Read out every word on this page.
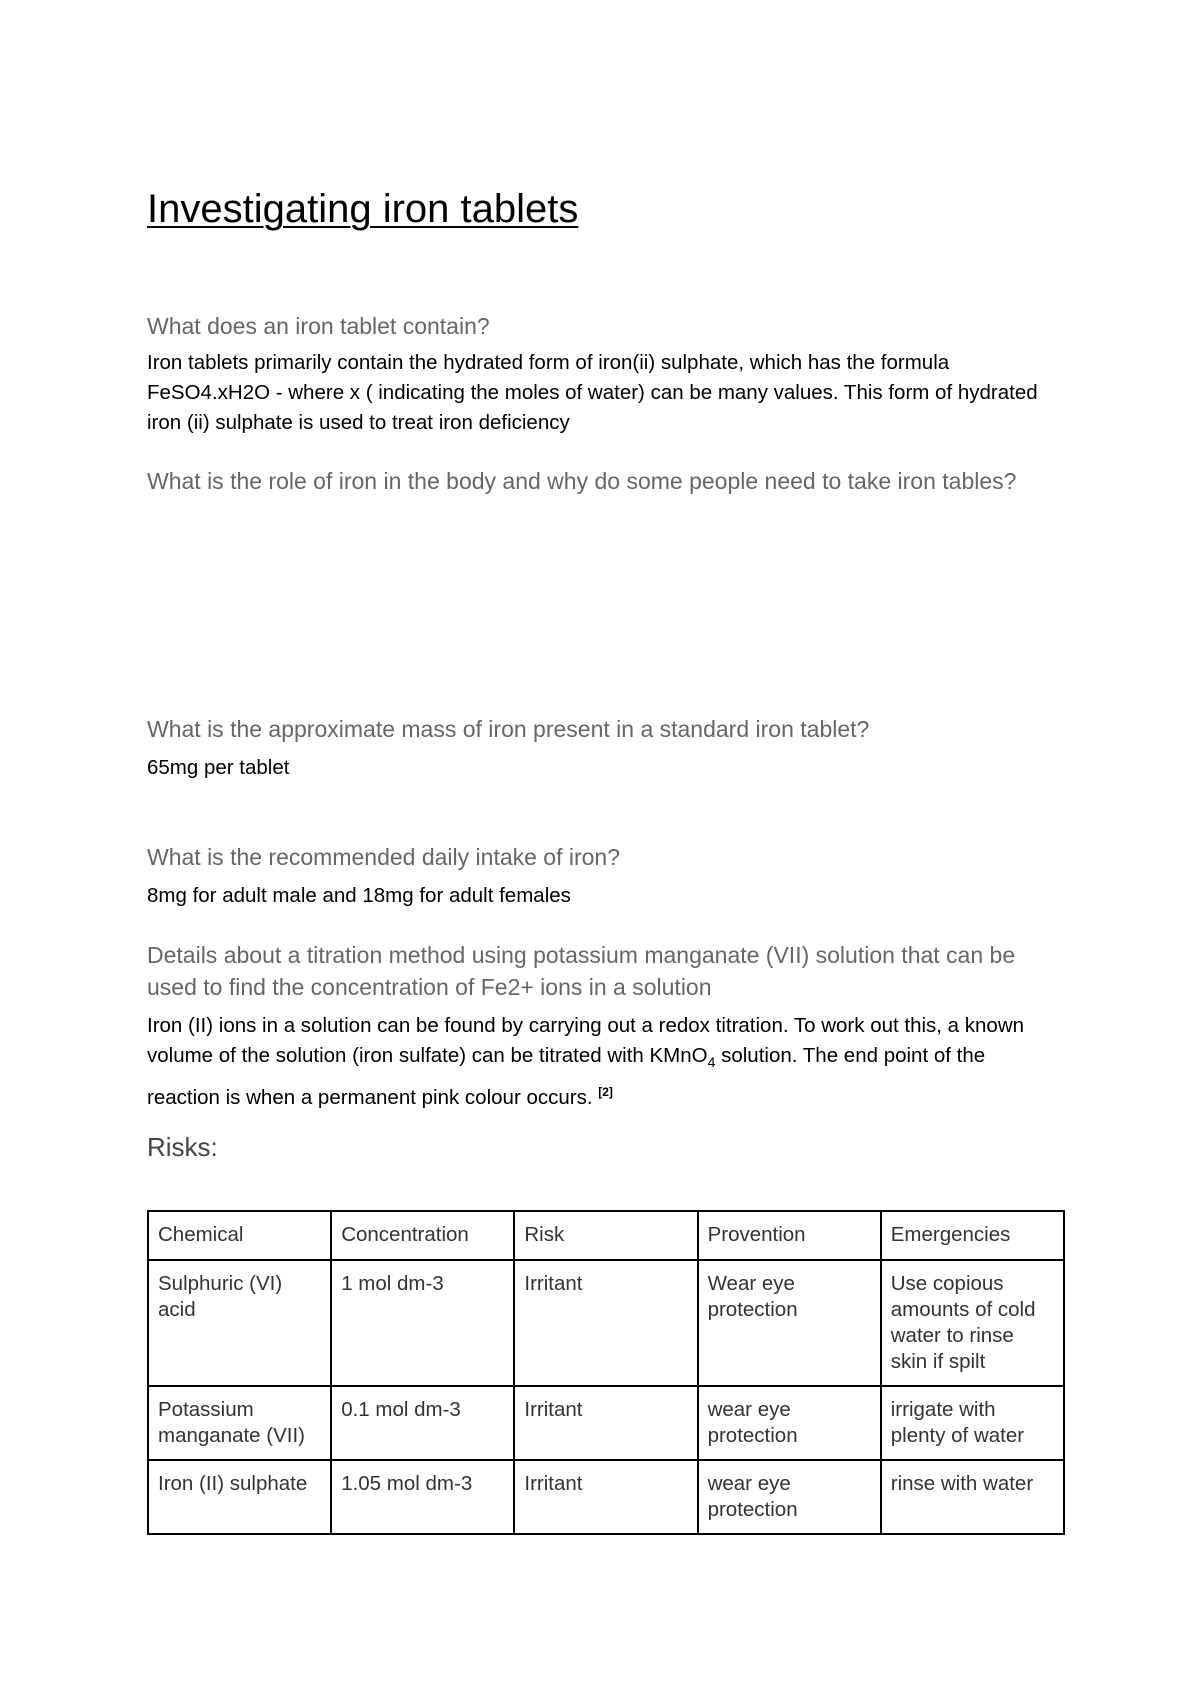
Investigating iron tablets
What does an iron tablet contain?

Iron tablets primarily contain the hydrated form of iron(ii) sulphate, which has the formula FeSO4.xH2O - where x ( indicating the moles of water) can be many values. This form of hydrated iron (ii) sulphate is used to treat iron deficiency

What is the role of iron in the body and why do some people need to take iron tables?
What is the approximate mass of iron present in a standard iron tablet?

65mg per tablet

What is the recommended daily intake of iron?

8mg for adult male and 18mg for adult females

Details about a titration method using potassium manganate (VII) solution that can be used to find the concentration of Fe2+ ions in a solution

Iron (II) ions in a solution can be found by carrying out a redox titration. To work out this, a known volume of the solution (iron sulfate) can be titrated with KMnO$_4$ solution. The end point of the reaction is when a permanent pink colour occurs. [2]

Risks:
Chemical	Concentration	Risk	Provention	Emergencies
Sulphuric (VI) acid	1 mol dm-3	Irritant	Wear eye protection	Use copious amounts of cold water to rinse skin if spilt
Potassium manganate (VII)	0.1 mol dm-3	Irritant	wear eye protection	irrigate with plenty of water
Iron (II) sulphate	1.05 mol dm-3	Irritant	wear eye protection	rinse with water
